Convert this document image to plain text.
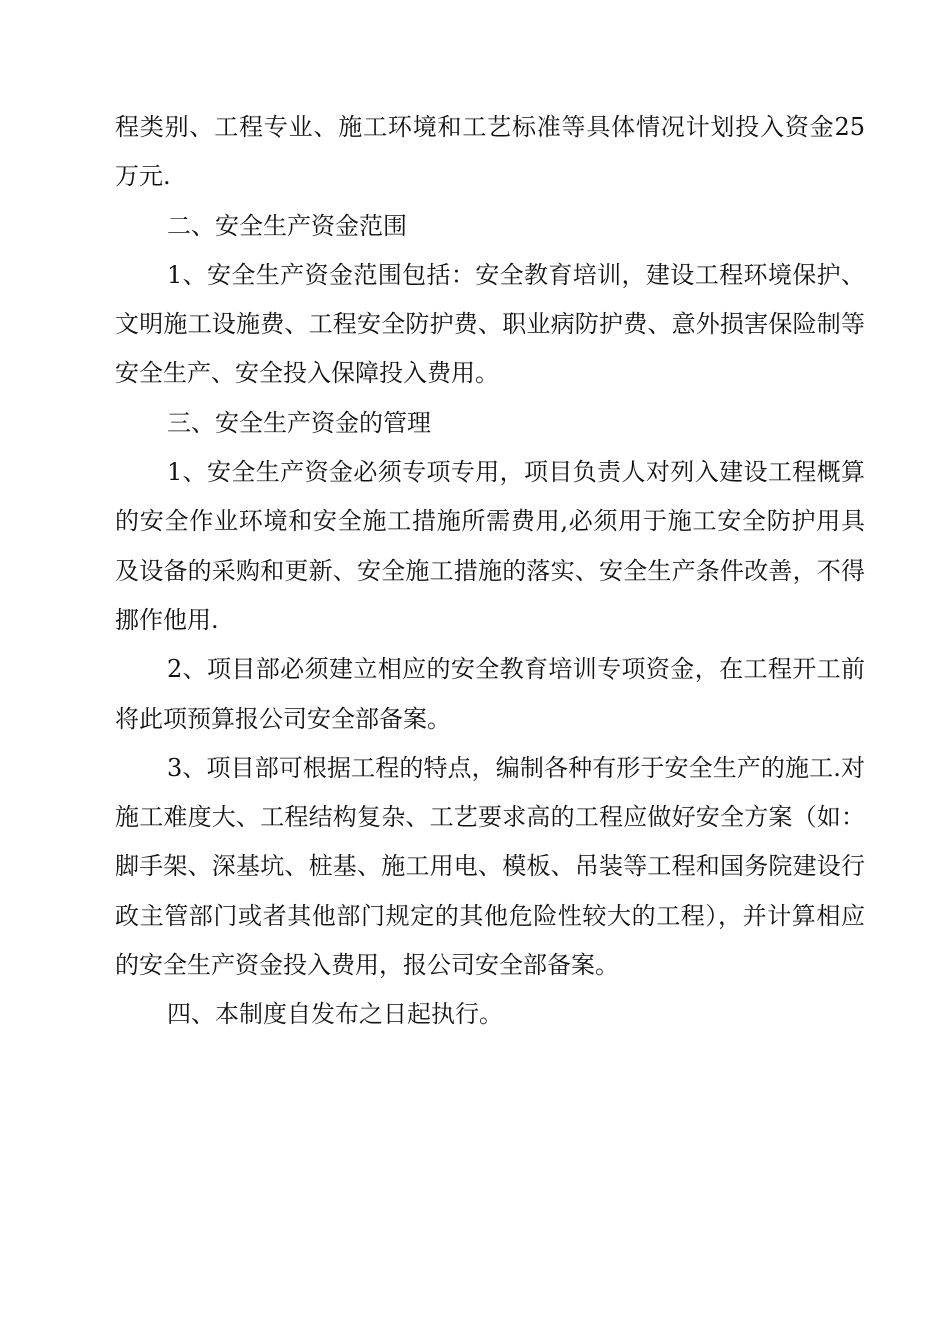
程类别、工程专业、施工环境和工艺标准等具体情况计划投入资金25万元.

二、安全生产资金范围

1、安全生产资金范围包括：安全教育培训，建设工程环境保护、文明施工设施费、工程安全防护费、职业病防护费、意外损害保险制等安全生产、安全投入保障投入费用。

三、安全生产资金的管理

1、安全生产资金必须专项专用，项目负责人对列入建设工程概算的安全作业环境和安全施工措施所需费用,必须用于施工安全防护用具及设备的采购和更新、安全施工措施的落实、安全生产条件改善，不得挪作他用.

2、项目部必须建立相应的安全教育培训专项资金，在工程开工前将此项预算报公司安全部备案。

3、项目部可根据工程的特点，编制各种有形于安全生产的施工.对施工难度大、工程结构复杂、工艺要求高的工程应做好安全方案（如：脚手架、深基坑、桩基、施工用电、模板、吊装等工程和国务院建设行政主管部门或者其他部门规定的其他危险性较大的工程），并计算相应的安全生产资金投入费用，报公司安全部备案。

四、本制度自发布之日起执行。
